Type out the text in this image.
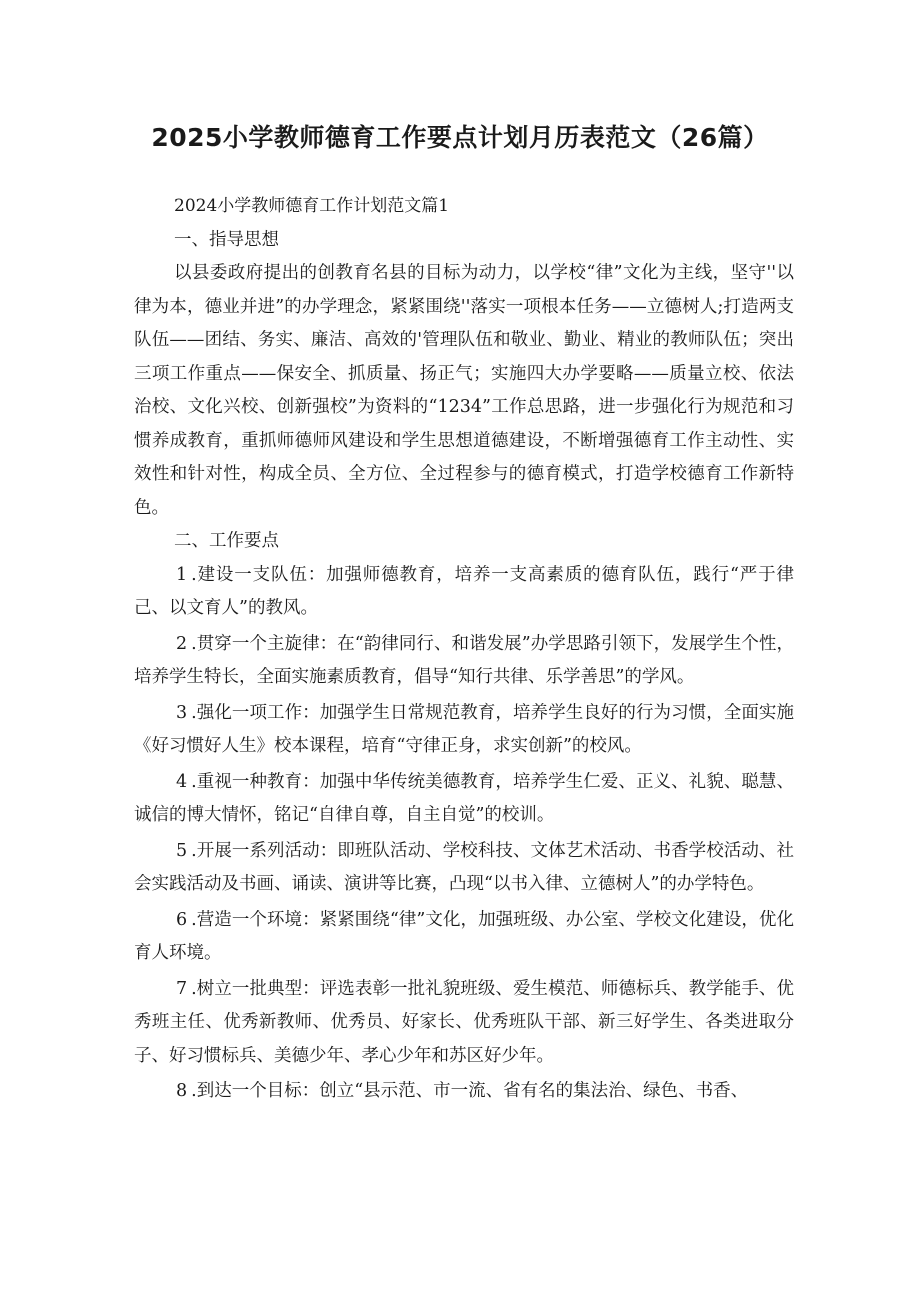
2025小学教师德育工作要点计划月历表范文（26篇）

2024小学教师德育工作计划范文篇1

一、指导思想

以县委政府提出的创教育名县的目标为动力，以学校“律”文化为主线，坚守''以律为本，德业并进”的办学理念，紧紧围绕''落实一项根本任务——立德树人;打造两支队伍——团结、务实、廉洁、高效的'管理队伍和敬业、勤业、精业的教师队伍；突出三项工作重点——保安全、抓质量、扬正气；实施四大办学要略——质量立校、依法治校、文化兴校、创新强校”为资料的“1234”工作总思路，进一步强化行为规范和习惯养成教育，重抓师德师风建设和学生思想道德建设，不断增强德育工作主动性、实效性和针对性，构成全员、全方位、全过程参与的德育模式，打造学校德育工作新特色。

二、工作要点

1.建设一支队伍：加强师德教育，培养一支高素质的德育队伍，践行“严于律己、以文育人”的教风。

2.贯穿一个主旋律：在“韵律同行、和谐发展”办学思路引领下，发展学生个性，培养学生特长，全面实施素质教育，倡导“知行共律、乐学善思”的学风。

3.强化一项工作：加强学生日常规范教育，培养学生良好的行为习惯，全面实施《好习惯好人生》校本课程，培育“守律正身，求实创新”的校风。

4.重视一种教育：加强中华传统美德教育，培养学生仁爱、正义、礼貌、聪慧、诚信的博大情怀，铭记“自律自尊，自主自觉”的校训。

5.开展一系列活动：即班队活动、学校科技、文体艺术活动、书香学校活动、社会实践活动及书画、诵读、演讲等比赛，凸现“以书入律、立德树人”的办学特色。

6.营造一个环境：紧紧围绕“律”文化，加强班级、办公室、学校文化建设，优化育人环境。

7.树立一批典型：评选表彰一批礼貌班级、爱生模范、师德标兵、教学能手、优秀班主任、优秀新教师、优秀员、好家长、优秀班队干部、新三好学生、各类进取分子、好习惯标兵、美德少年、孝心少年和苏区好少年。

8.到达一个目标：创立“县示范、市一流、省有名的集法治、绿色、书香、
